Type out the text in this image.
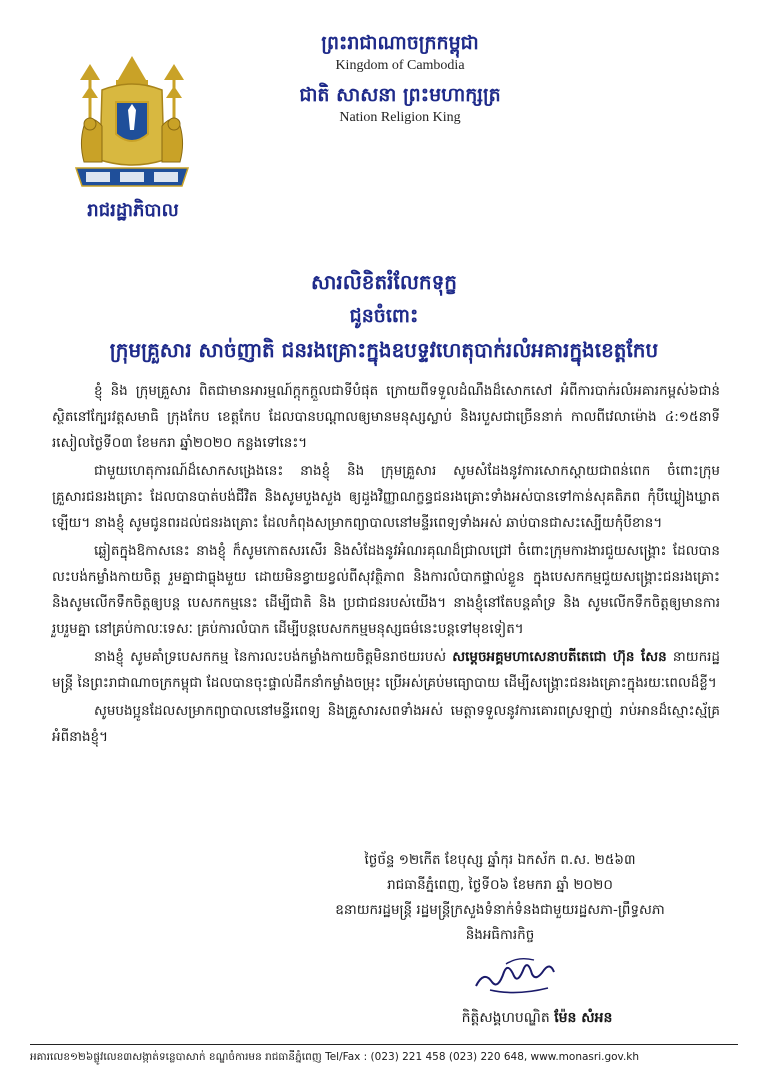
រាជរដ្ឋាភិបាល
ព្រះរាជាណាចក្រកម្ពុជា
Kingdom of Cambodia
ជាតិ សាសនា ព្រះមហាក្សត្រ
Nation Religion King
សារលិខិតរំលែកទុក្ខ
ជូនចំពោះ
ក្រុមគ្រួសារ សាច់ញាតិ ជនរងគ្រោះក្នុងឧបទ្ទវហេតុបាក់រលំអគារក្នុងខេត្តកែប

ខ្ញុំ និង ក្រុមគ្រួសារ ពិតជាមានអារម្មណ៍ក្តុកក្តួលជាទីបំផុត ក្រោយពីទទួលដំណឹងដ៏សោកសៅ អំពីការបាក់រលំអគារកម្ពស់៦ជាន់ ស្ថិតនៅក្បែរវត្តសមាធិ ក្រុងកែប ខេត្តកែប ដែលបានបណ្តាលឲ្យមានមនុស្សស្លាប់ និងរបួសជាច្រើននាក់ កាលពីវេលាម៉ោង ៤:១៥នាទីរសៀលថ្ងៃទី០៣ ខែមករា ឆ្នាំ២០២០ កន្លងទៅនេះ។

ជាមួយហេតុការណ៍ដ៏សោកសង្រេងនេះ នាងខ្ញុំ និង ក្រុមគ្រួសារ សូមសំដែងនូវការសោកស្តាយជាពន់ពេក ចំពោះក្រុមគ្រួសារជនរងគ្រោះ ដែលបានបាត់បង់ជីវិត និងសូមបួងសួង ឲ្យដួងវិញ្ញាណក្ខន្ធជនរងគ្រោះទាំងអស់បានទៅកាន់សុគតិភព កុំបីឃ្លៀងឃ្លាតឡើយ។ នាងខ្ញុំ សូមជូនពរដល់ជនរងគ្រោះ ដែលកំពុងសម្រាកព្យាបាលនៅមន្ទីរពេទ្យទាំងអស់ ឆាប់បានជាសះស្បើយកុំបីខាន។

ឆ្លៀតក្នុងឱកាសនេះ នាងខ្ញុំ ក៏សូមកោតសរសើរ និងសំដែងនូវអំណរគុណដ៏ជ្រាលជ្រៅ ចំពោះក្រុមការងារជួយសង្គ្រោះ ដែលបានលះបង់កម្លាំងកាយចិត្ត រួមគ្នាជាធ្លុងមួយ ដោយមិនខ្វាយខ្វល់ពីសុវត្ថិភាព និងការលំបាកផ្ទាល់ខ្លួន ក្នុងបេសកកម្មជួយសង្គ្រោះជនរងគ្រោះ និងសូមលើកទឹកចិត្តឲ្យបន្ត បេសកកម្មនេះ ដើម្បីជាតិ និង ប្រជាជនរបស់យើង។ នាងខ្ញុំនៅតែបន្តគាំទ្រ និង សូមលើកទឹកចិត្តឲ្យមានការរួបរួមគ្នា នៅគ្រប់កាលៈទេសៈ គ្រប់ការលំបាក ដើម្បីបន្តបេសកកម្មមនុស្សធម៌នេះបន្តទៅមុខទៀត។

នាងខ្ញុំ សូមគាំទ្របេសកកម្ម នៃការលះបង់កម្លាំងកាយចិត្តមិនរាថយរបស់ សម្តេចអគ្គមហាសេនាបតីតេជោ ហ៊ុន សែន នាយករដ្ឋមន្ត្រី នៃព្រះរាជាណាចក្រកម្ពុជា ដែលបានចុះផ្ទាល់ដឹកនាំកម្លាំងចម្រុះ ប្រើអស់គ្រប់មធ្យោបាយ ដើម្បីសង្គ្រោះជនរងគ្រោះក្នុងរយៈពេលដ៏ខ្លី។

សូមបងប្អូនដែលសម្រាកព្យាបាលនៅមន្ទីរពេទ្យ និងគ្រួសារសពទាំងអស់ មេត្តាទទួលនូវការគោរពស្រឡាញ់ រាប់អានដ៏ស្មោះស្ម័គ្រអំពីនាងខ្ញុំ។

ថ្ងៃច័ន្ទ ១២កើត ខែបុស្ស ឆ្នាំកុរ ឯកស័ក ព.ស. ២៥៦៣
រាជធានីភ្នំពេញ, ថ្ងៃទី០៦ ខែមករា ឆ្នាំ ២០២០
ឧនាយករដ្ឋមន្ត្រី រដ្ឋមន្ត្រីក្រសួងទំនាក់ទំនងជាមួយរដ្ឋសភា-ព្រឹទ្ធសភា
និងអធិការកិច្ច
កិត្តិសង្គហបណ្ឌិត ម៉ែន សំអន
អគារលេខ១២៦ផ្លូវលេខ៣សង្កាត់ទន្លេបាសាក់ ខណ្ឌចំការមន រាជធានីភ្នំពេញ Tel/Fax : (023) 221 458 (023) 220 648, www.monasri.gov.kh
